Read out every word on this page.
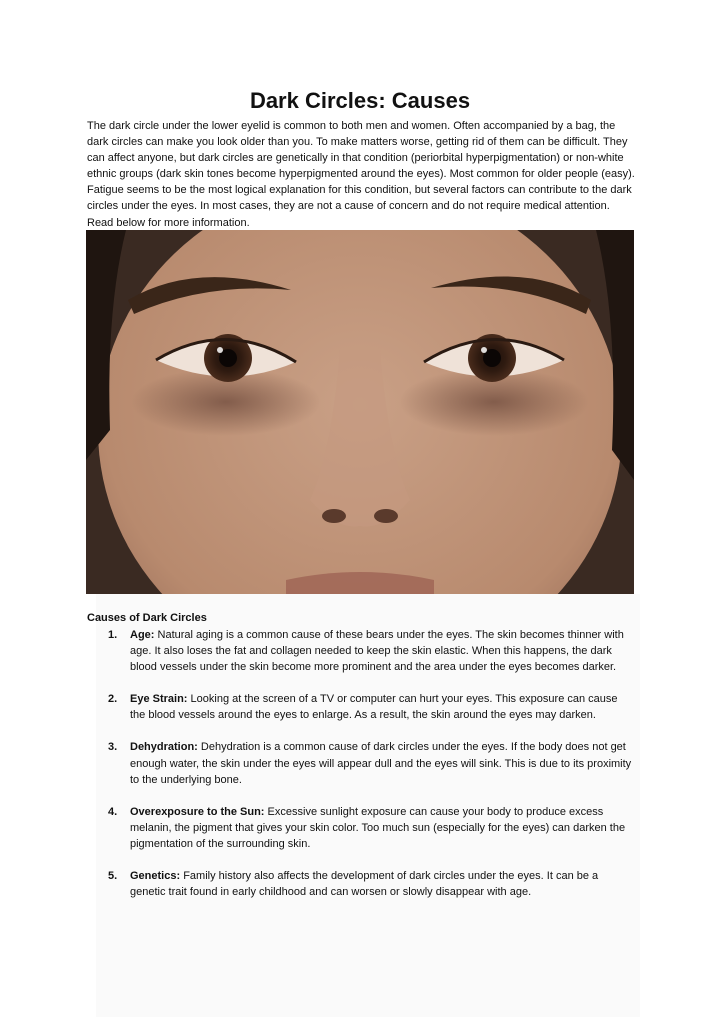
Dark Circles: Causes

The dark circle under the lower eyelid is common to both men and women. Often accompanied by a bag, the dark circles can make you look older than you. To make matters worse, getting rid of them can be difficult. They can affect anyone, but dark circles are genetically in that condition (periorbital hyperpigmentation) or non-white ethnic groups (dark skin tones become hyperpigmented around the eyes). Most common for older people (easy). Fatigue seems to be the most logical explanation for this condition, but several factors can contribute to the dark circles under the eyes. In most cases, they are not a cause of concern and do not require medical attention. Read below for more information.

Causes of Dark Circles

1. Age: Natural aging is a common cause of these bears under the eyes. The skin becomes thinner with age. It also loses the fat and collagen needed to keep the skin elastic. When this happens, the dark blood vessels under the skin become more prominent and the area under the eyes becomes darker.
2. Eye Strain: Looking at the screen of a TV or computer can hurt your eyes. This exposure can cause the blood vessels around the eyes to enlarge. As a result, the skin around the eyes may darken.
3. Dehydration: Dehydration is a common cause of dark circles under the eyes. If the body does not get enough water, the skin under the eyes will appear dull and the eyes will sink. This is due to its proximity to the underlying bone.
4. Overexposure to the Sun: Excessive sunlight exposure can cause your body to produce excess melanin, the pigment that gives your skin color. Too much sun (especially for the eyes) can darken the pigmentation of the surrounding skin.
5. Genetics: Family history also affects the development of dark circles under the eyes. It can be a genetic trait found in early childhood and can worsen or slowly disappear with age.
